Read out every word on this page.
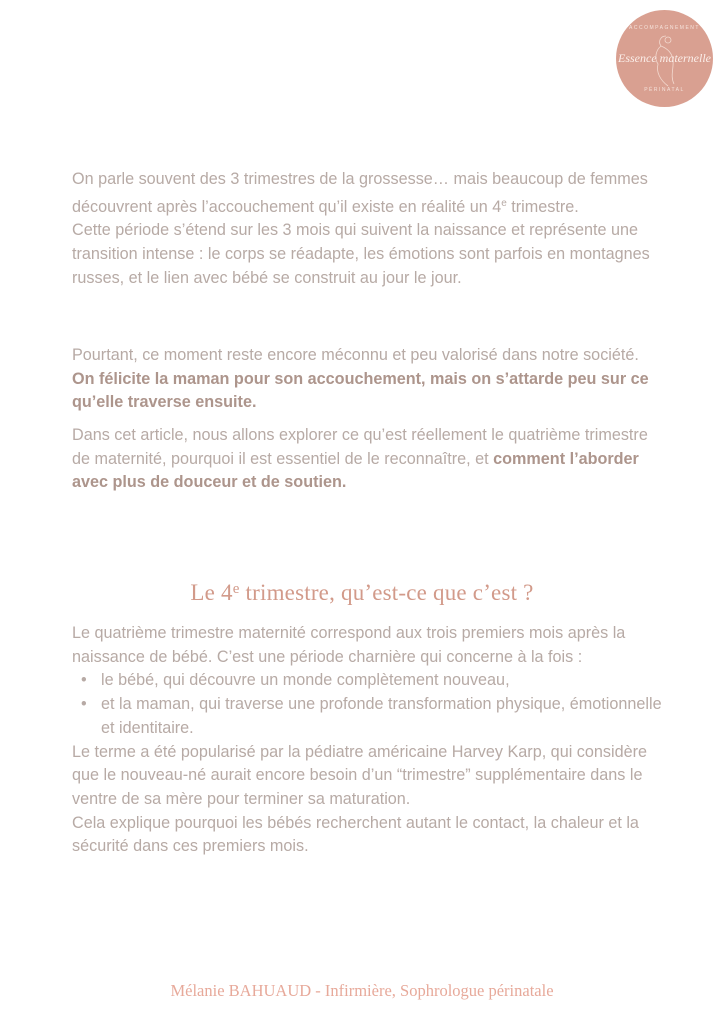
ACCOMPAGNEMENT
Essence maternelle
PÉRINATAL

On parle souvent des 3 trimestres de la grossesse… mais beaucoup de femmes découvrent après l’accouchement qu’il existe en réalité un 4e trimestre.

Cette période s’étend sur les 3 mois qui suivent la naissance et représente une transition intense : le corps se réadapte, les émotions sont parfois en montagnes russes, et le lien avec bébé se construit au jour le jour.

Pourtant, ce moment reste encore méconnu et peu valorisé dans notre société. On félicite la maman pour son accouchement, mais on s’attarde peu sur ce qu’elle traverse ensuite.

Dans cet article, nous allons explorer ce qu’est réellement le quatrième trimestre de maternité, pourquoi il est essentiel de le reconnaître, et comment l’aborder avec plus de douceur et de soutien.

Le 4e trimestre, qu’est-ce que c’est ?

Le quatrième trimestre maternité correspond aux trois premiers mois après la naissance de bébé. C’est une période charnière qui concerne à la fois :

• le bébé, qui découvre un monde complètement nouveau,
• et la maman, qui traverse une profonde transformation physique, émotionnelle et identitaire.

Le terme a été popularisé par la pédiatre américaine Harvey Karp, qui considère que le nouveau-né aurait encore besoin d’un “trimestre” supplémentaire dans le ventre de sa mère pour terminer sa maturation.

Cela explique pourquoi les bébés recherchent autant le contact, la chaleur et la sécurité dans ces premiers mois.

Mélanie BAHUAUD - Infirmière, Sophrologue périnatale
